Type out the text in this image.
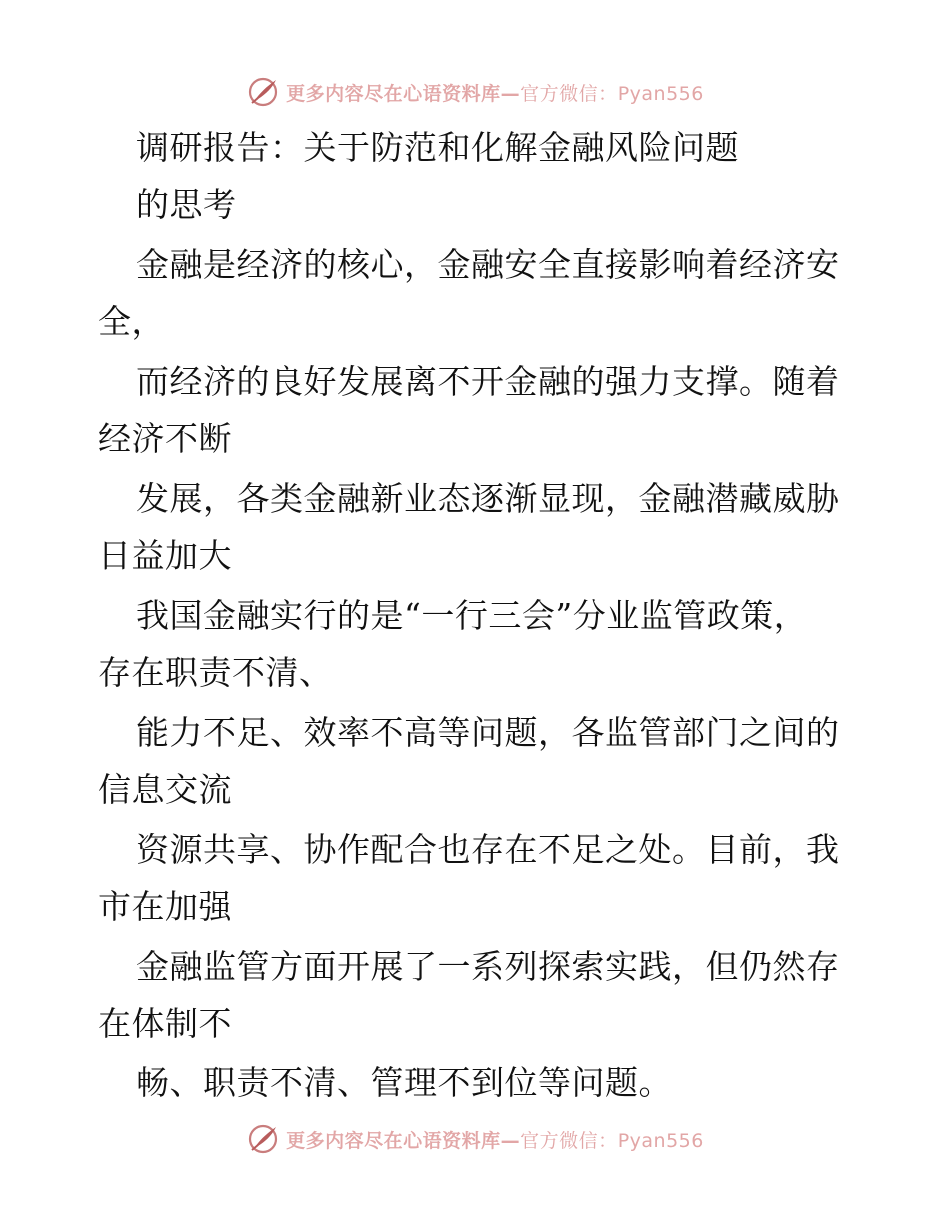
更多内容尽在心语资料库—官方微信：Pyan556
调研报告：关于防范和化解金融风险问题
的思考
金融是经济的核心，金融安全直接影响着经济安
全，
而经济的良好发展离不开金融的强力支撑。随着
经济不断
发展，各类金融新业态逐渐显现，金融潜藏威胁
日益加大
我国金融实行的是“一行三会”分业监管政策，
存在职责不清、
能力不足、效率不高等问题，各监管部门之间的
信息交流
资源共享、协作配合也存在不足之处。目前，我
市在加强
金融监管方面开展了一系列探索实践，但仍然存
在体制不
畅、职责不清、管理不到位等问题。
更多内容尽在心语资料库—官方微信：Pyan556
